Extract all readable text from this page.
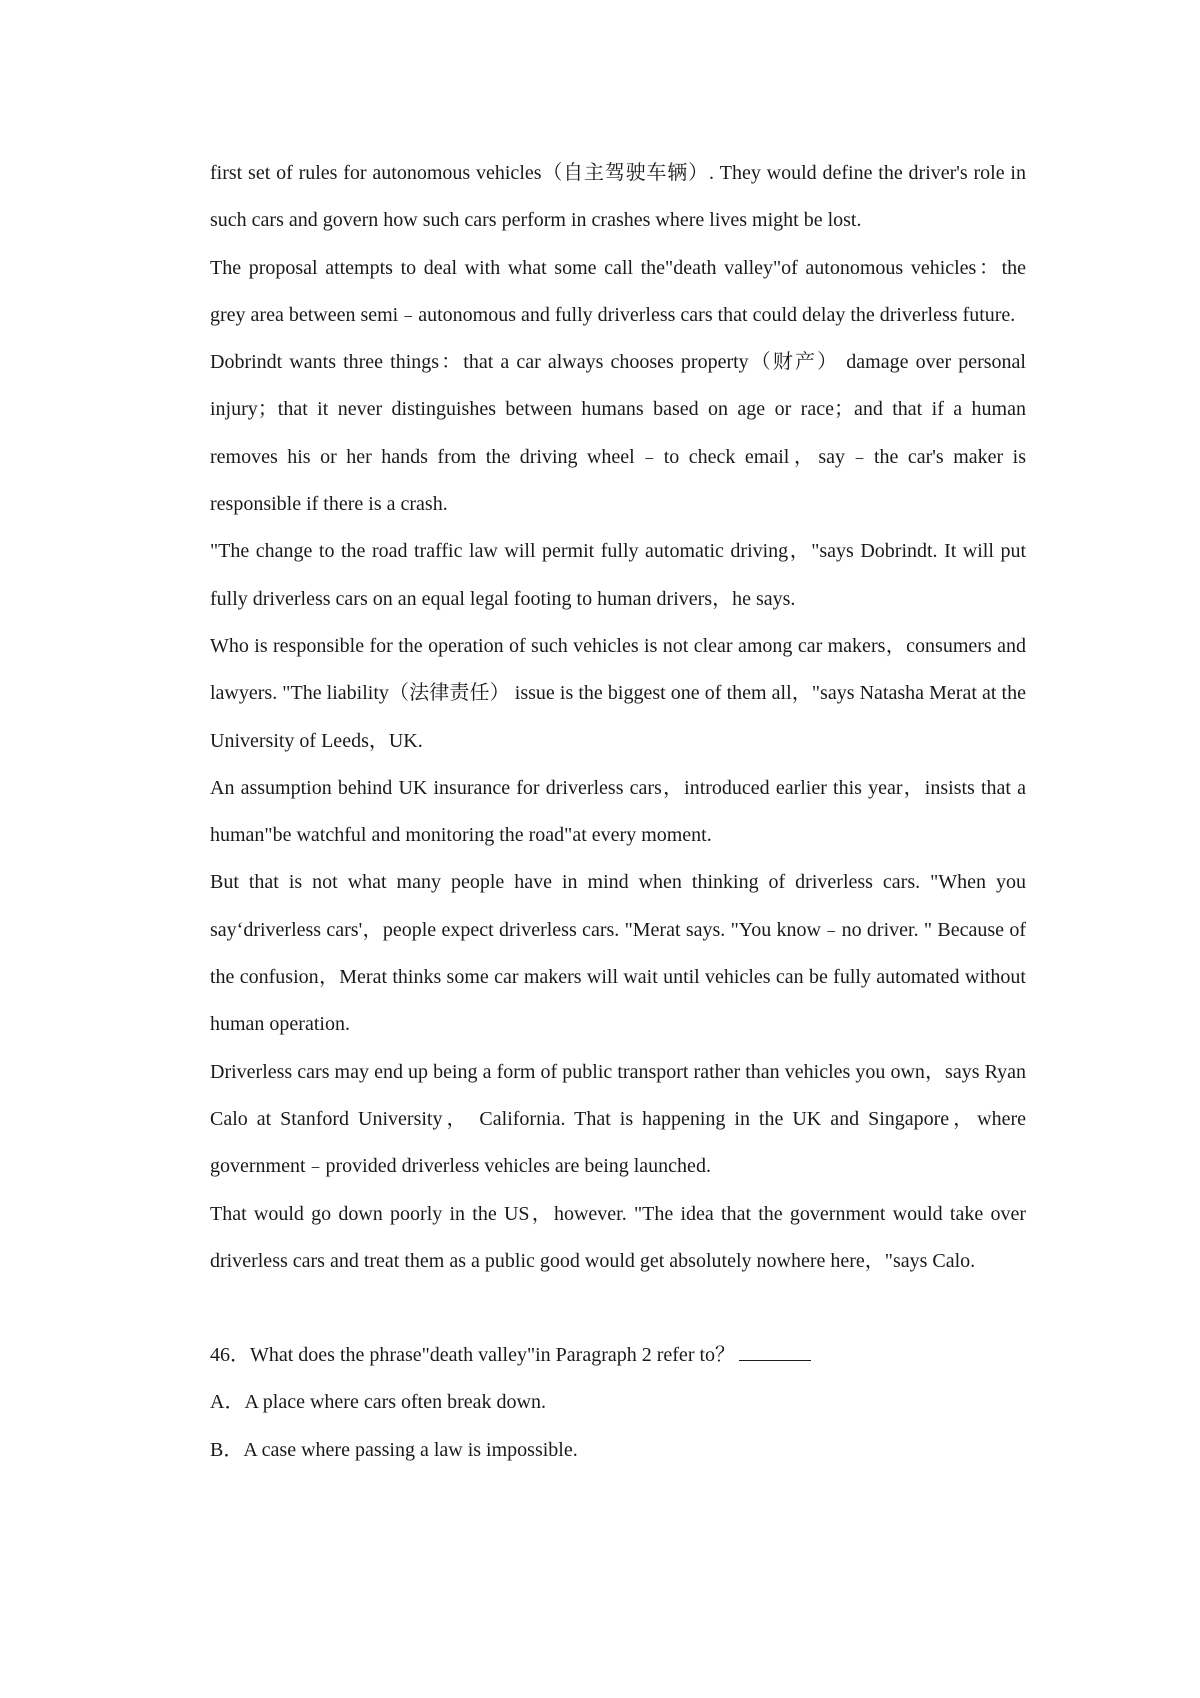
first set of rules for autonomous vehicles（自主驾驶车辆）. They would define the driver's role in such cars and govern how such cars perform in crashes where lives might be lost.

The proposal attempts to deal with what some call the"death valley"of autonomous vehicles：the grey area between semi﹣autonomous and fully driverless cars that could delay the driverless future.

Dobrindt wants three things：that a car always chooses property（财产） damage over personal injury；that it never distinguishes between humans based on age or race；and that if a human removes his or her hands from the driving wheel﹣to check email，say﹣the car's maker is responsible if there is a crash.

"The change to the road traffic law will permit fully automatic driving，"says Dobrindt. It will put fully driverless cars on an equal legal footing to human drivers，he says.

Who is responsible for the operation of such vehicles is not clear among car makers，consumers and lawyers. "The liability（法律责任） issue is the biggest one of them all，"says Natasha Merat at the University of Leeds，UK.

An assumption behind UK insurance for driverless cars，introduced earlier this year，insists that a human"be watchful and monitoring the road"at every moment.

But that is not what many people have in mind when thinking of driverless cars. "When you say‘driverless cars'，people expect driverless cars. "Merat says. "You know﹣no driver. " Because of the confusion，Merat thinks some car makers will wait until vehicles can be fully automated without human operation.

Driverless cars may end up being a form of public transport rather than vehicles you own，says Ryan Calo at Stanford University， California. That is happening in the UK and Singapore，where government﹣provided driverless vehicles are being launched.

That would go down poorly in the US，however. "The idea that the government would take over driverless cars and treat them as a public good would get absolutely nowhere here，"says Calo.

46．What does the phrase"death valley"in Paragraph 2 refer to？

A．A place where cars often break down.

B．A case where passing a law is impossible.
